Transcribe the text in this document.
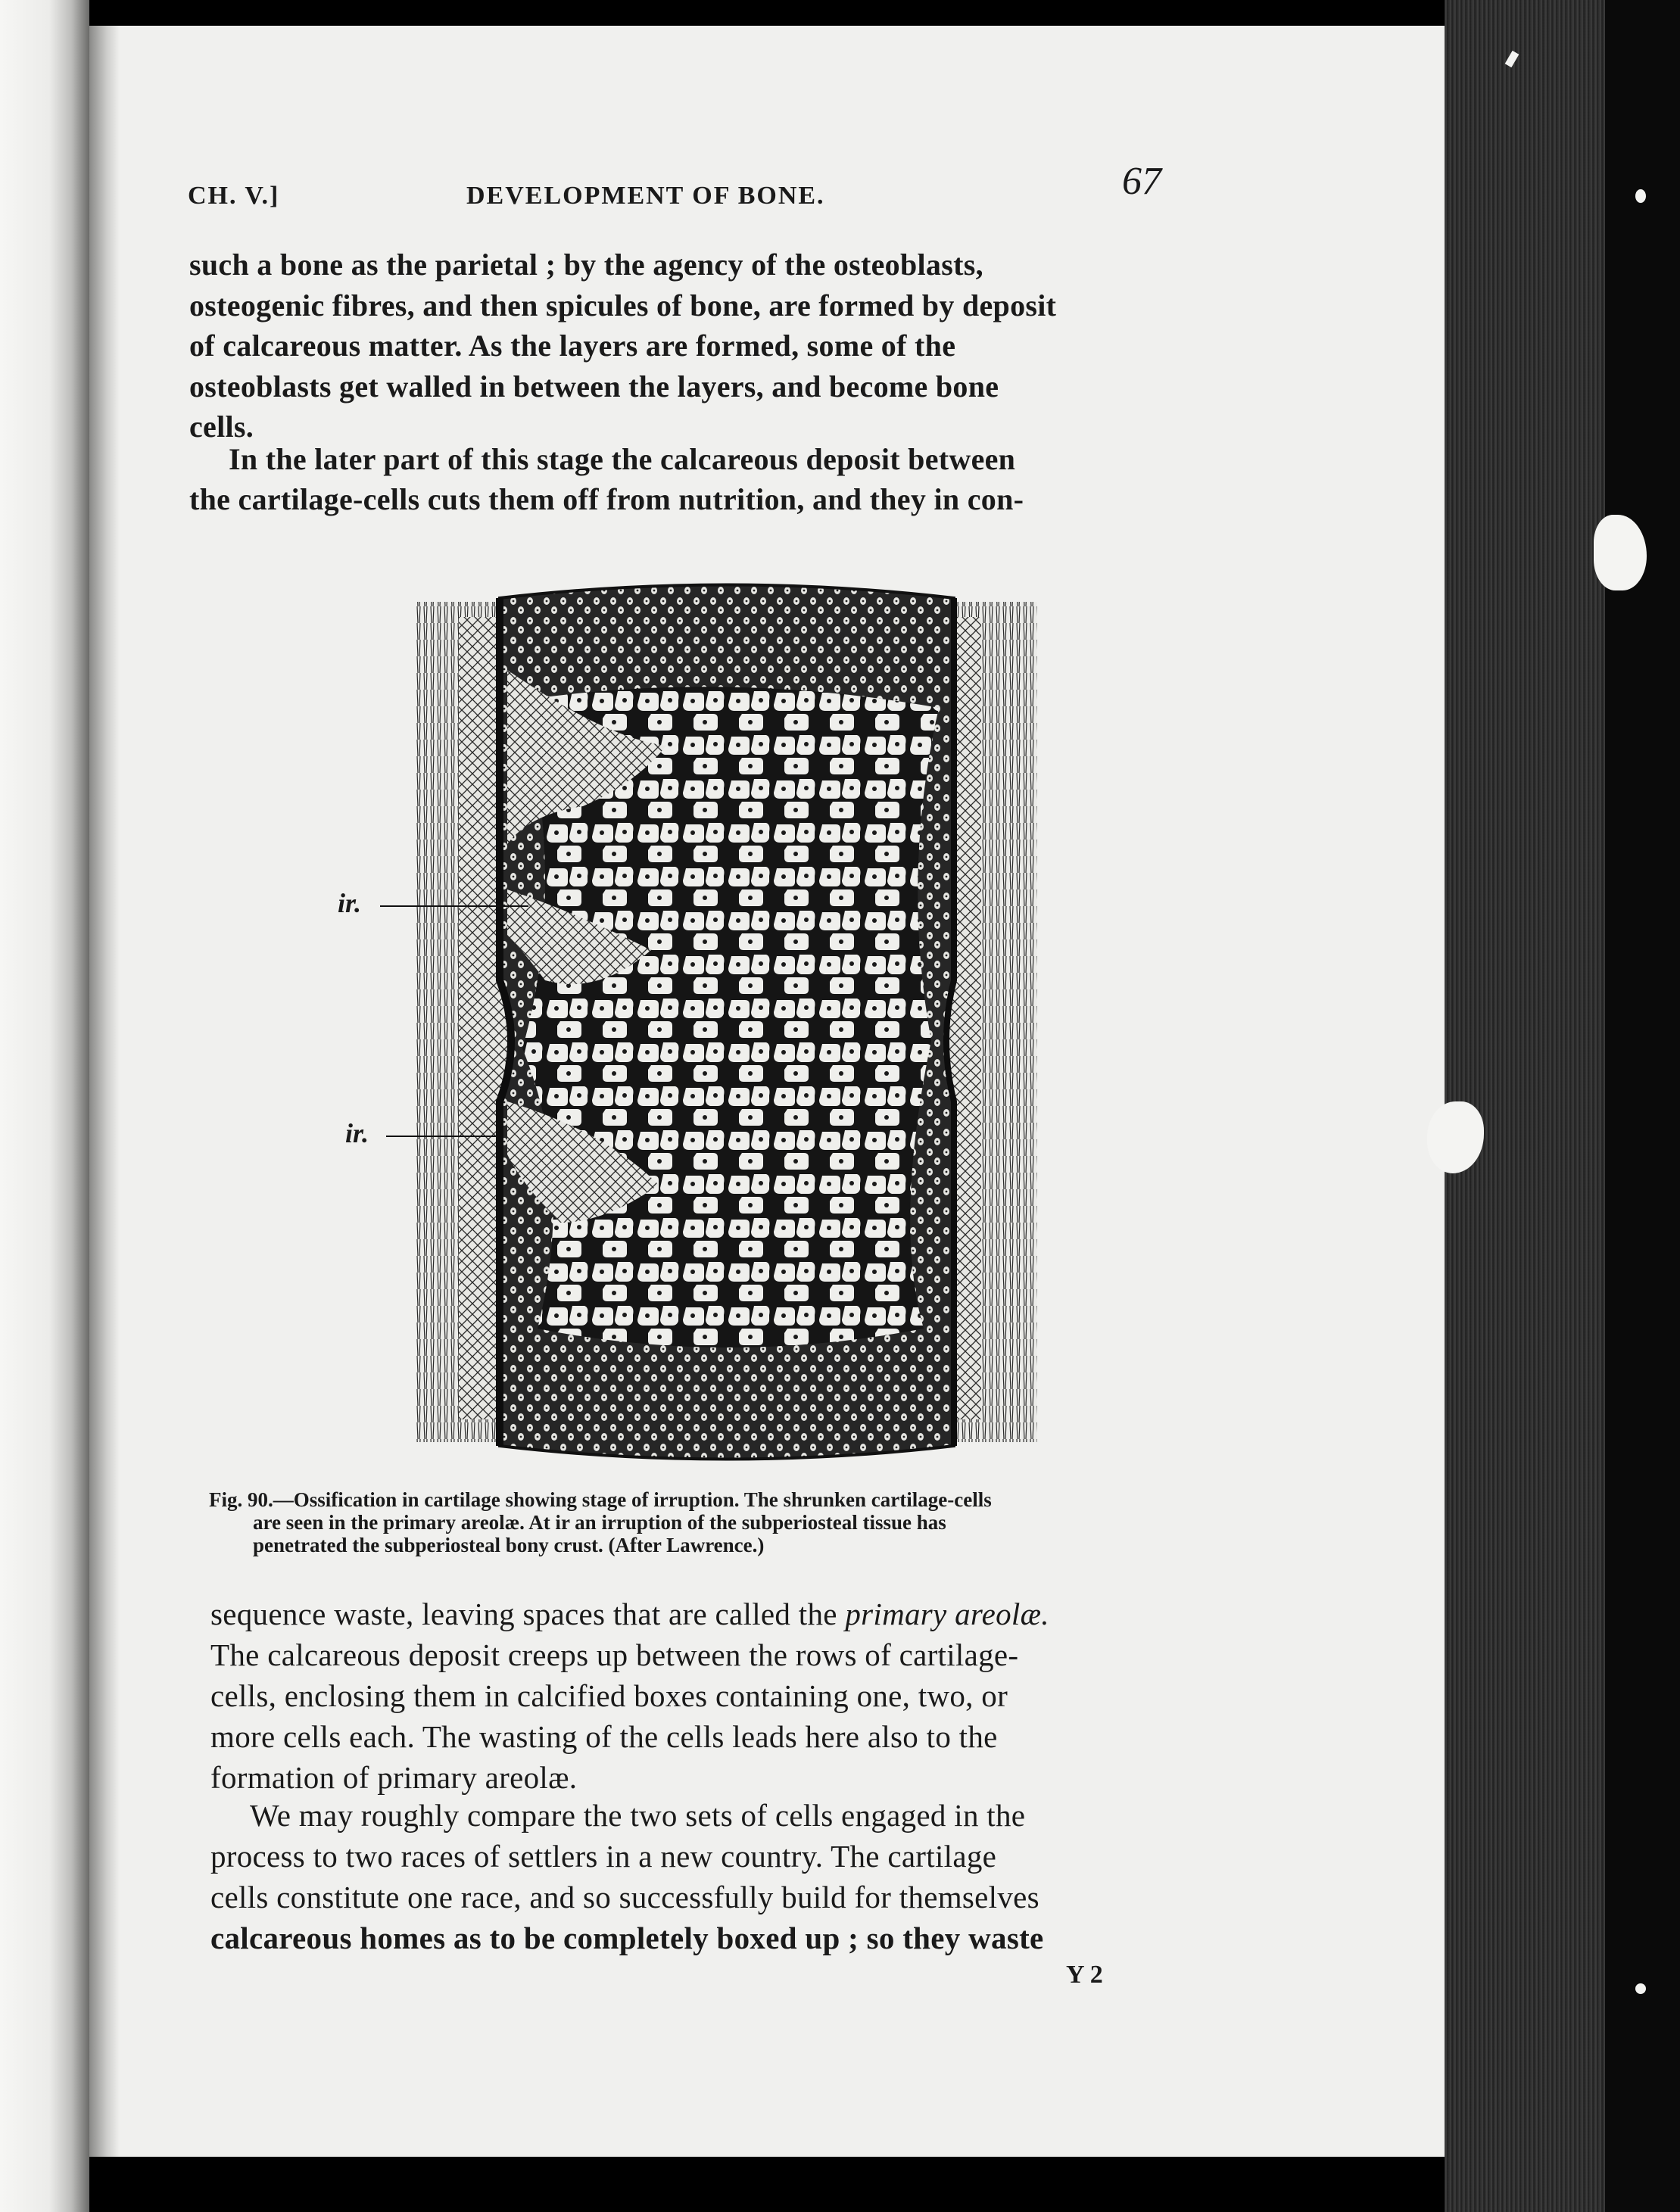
CH. V.]	DEVELOPMENT OF BONE.	67
such a bone as the parietal ; by the agency of the osteoblasts,
osteogenic fibres, and then spicules of bone, are formed by deposit
of calcareous matter. As the layers are formed, some of the
osteoblasts get walled in between the layers, and become bone
cells.
In the later part of this stage the calcareous deposit between
the cartilage-cells cuts them off from nutrition, and they in con-
ir.
ir.
Fig. 90.—Ossification in cartilage showing stage of irruption. The shrunken cartilage-cells
are seen in the primary areolæ. At ir an irruption of the subperiosteal tissue has
penetrated the subperiosteal bony crust. (After Lawrence.)
sequence waste, leaving spaces that are called the primary areolæ.
The calcareous deposit creeps up between the rows of cartilage-
cells, enclosing them in calcified boxes containing one, two, or
more cells each. The wasting of the cells leads here also to the
formation of primary areolæ.
We may roughly compare the two sets of cells engaged in the
process to two races of settlers in a new country. The cartilage
cells constitute one race, and so successfully build for themselves
calcareous homes as to be completely boxed up ; so they waste
Y 2
